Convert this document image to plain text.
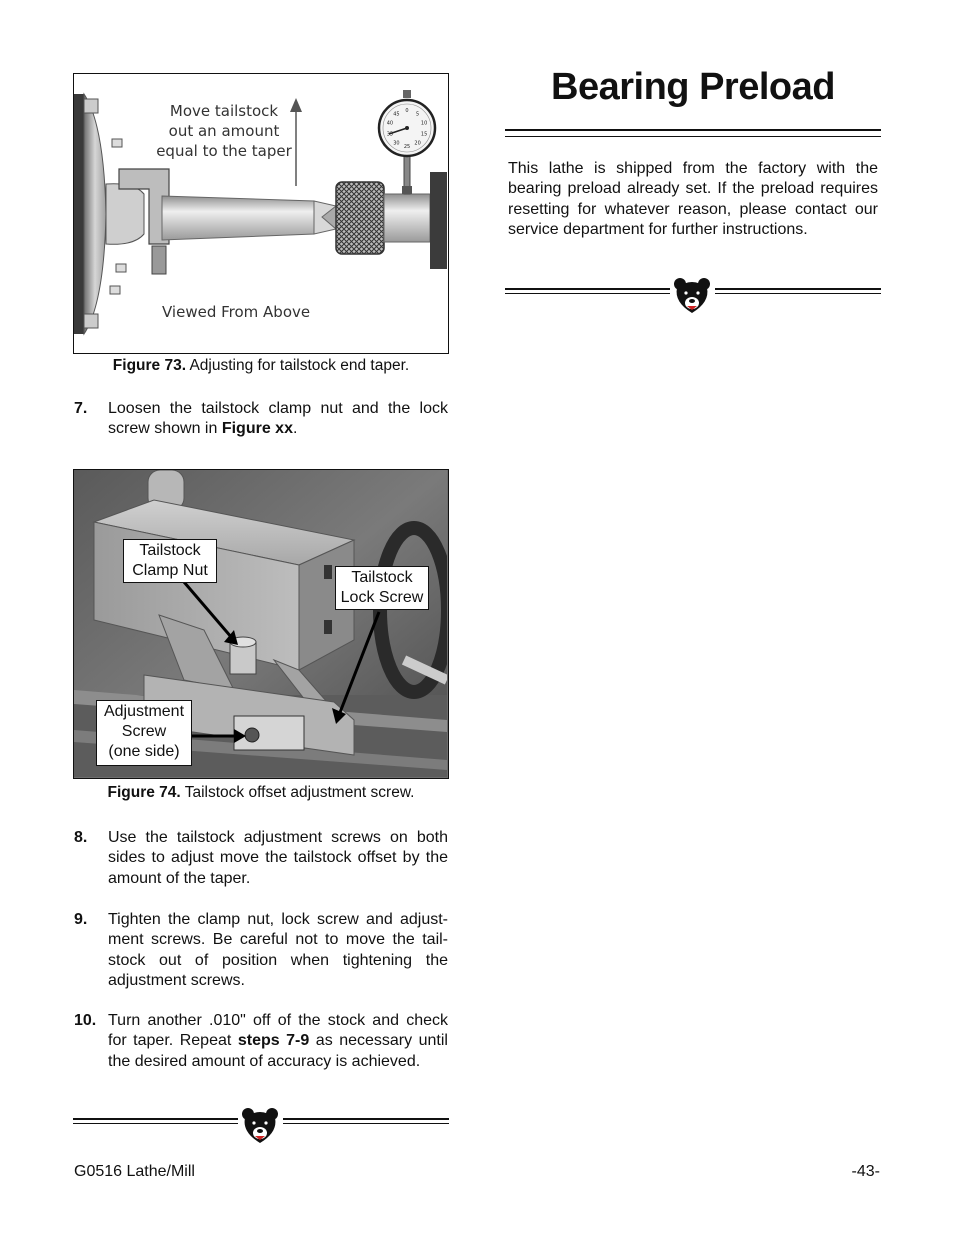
0
5
10
15
20
25
30
35
40
45
Move tailstock
out an amount
equal to the taper
Viewed From Above
Figure 73. Adjusting for tailstock end taper.
7. Loosen the tailstock clamp nut and the lock screw shown in Figure xx.
Tailstock
Clamp Nut	Tailstock
Lock Screw
Adjustment
Screw
(one side)
Figure 74. Tailstock offset adjustment screw.
8. Use the tailstock adjustment screws on both sides to adjust move the tailstock offset by the amount of the taper.
9. Tighten the clamp nut, lock screw and adjust-ment screws. Be careful not to move the tail-stock out of position when tightening the adjustment screws.
10. Turn another .010" off of the stock and check for taper. Repeat steps 7-9 as necessary until the desired amount of accuracy is achieved.
Bearing Preload
This lathe is shipped from the factory with the bearing preload already set. If the preload requires resetting for whatever reason, please contact our service department for further instructions.
G0516 Lathe/Mill	-43-
